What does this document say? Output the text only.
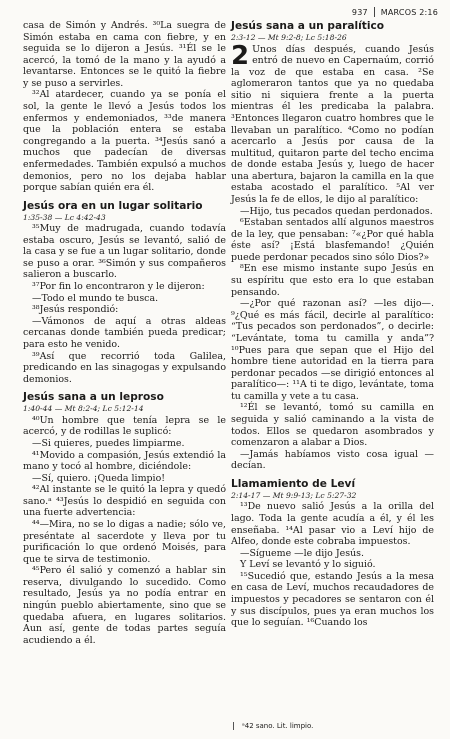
937 MARCOS 2:16

casa de Simón y Andrés. ³⁰La suegra de Simón estaba en cama con fiebre, y en seguida se lo dijeron a Jesús. ³¹Él se le acercó, la tomó de la mano y la ayudó a levantarse. Entonces se le quitó la fiebre y se puso a servirles.

³²Al atardecer, cuando ya se ponía el sol, la gente le llevó a Jesús todos los enfermos y endemoniados, ³³de manera que la población entera se estaba congregando a la puerta. ³⁴Jesús sanó a muchos que padecían de diversas enfermedades. También expulsó a muchos demonios, pero no los dejaba hablar porque sabían quién era él.

Jesús ora en un lugar solitario
1:35-38 — Lc 4:42-43

³⁵Muy de madrugada, cuando todavía estaba oscuro, Jesús se levantó, salió de la casa y se fue a un lugar solitario, donde se puso a orar. ³⁶Simón y sus compañeros salieron a buscarlo.

³⁷Por fin lo encontraron y le dijeron:

—Todo el mundo te busca.

³⁸Jesús respondió:

—Vámonos de aquí a otras aldeas cercanas donde también pueda predicar; para esto he venido.

³⁹Así que recorrió toda Galilea, predicando en las sinagogas y expulsando demonios.

Jesús sana a un leproso
1:40-44 — Mt 8:2-4; Lc 5:12-14

⁴⁰Un hombre que tenía lepra se le acercó, y de rodillas le suplicó:

—Si quieres, puedes limpiarme.

⁴¹Movido a compasión, Jesús extendió la mano y tocó al hombre, diciéndole:

—Sí, quiero. ¡Queda limpio!

⁴²Al instante se le quitó la lepra y quedó sano.ᵃ ⁴³Jesús lo despidió en seguida con una fuerte advertencia:

⁴⁴—Mira, no se lo digas a nadie; sólo ve, preséntate al sacerdote y lleva por tu purificación lo que ordenó Moisés, para que te sirva de testimonio.

⁴⁵Pero él salió y comenzó a hablar sin reserva, divulgando lo sucedido. Como resultado, Jesús ya no podía entrar en ningún pueblo abiertamente, sino que se quedaba afuera, en lugares solitarios. Aun así, gente de todas partes seguía acudiendo a él.

Jesús sana a un paralítico
2:3-12 — Mt 9:2-8; Lc 5:18-26
2 Unos días después, cuando Jesús entró de nuevo en Capernaúm, corrió la voz de que estaba en casa. ²Se aglomeraron tantos que ya no quedaba sitio ni siquiera frente a la puerta mientras él les predicaba la palabra. ³Entonces llegaron cuatro hombres que le llevaban un paralítico. ⁴Como no podían acercarlo a Jesús por causa de la multitud, quitaron parte del techo encima de donde estaba Jesús y, luego de hacer una abertura, bajaron la camilla en la que estaba acostado el paralítico. ⁵Al ver Jesús la fe de ellos, le dijo al paralítico:

—Hijo, tus pecados quedan perdonados.

⁶Estaban sentados allí algunos maestros de la ley, que pensaban: ⁷«¿Por qué habla éste así? ¡Está blasfemando! ¿Quién puede perdonar pecados sino sólo Dios?»

⁸En ese mismo instante supo Jesús en su espíritu que esto era lo que estaban pensando.

—¿Por qué razonan así? —les dijo—. ⁹¿Qué es más fácil, decirle al paralítico: “Tus pecados son perdonados”, o decirle: “Levántate, toma tu camilla y anda”? ¹⁰Pues para que sepan que el Hijo del hombre tiene autoridad en la tierra para perdonar pecados —se dirigió entonces al paralítico—: ¹¹A ti te digo, levántate, toma tu camilla y vete a tu casa.

¹²Él se levantó, tomó su camilla en seguida y salió caminando a la vista de todos. Ellos se quedaron asombrados y comenzaron a alabar a Dios.

—Jamás habíamos visto cosa igual —decían.

Llamamiento de Leví
2:14-17 — Mt 9:9-13; Lc 5:27-32

¹³De nuevo salió Jesús a la orilla del lago. Toda la gente acudía a él, y él les enseñaba. ¹⁴Al pasar vio a Leví hijo de Alfeo, donde este cobraba impuestos.

—Sígueme —le dijo Jesús.

Y Leví se levantó y lo siguió.

¹⁵Sucedió que, estando Jesús a la mesa en casa de Leví, muchos recaudadores de impuestos y pecadores se sentaron con él y sus discípulos, pues ya eran muchos los que lo seguían. ¹⁶Cuando los

ᵃ42 sano. Lit. limpio.
